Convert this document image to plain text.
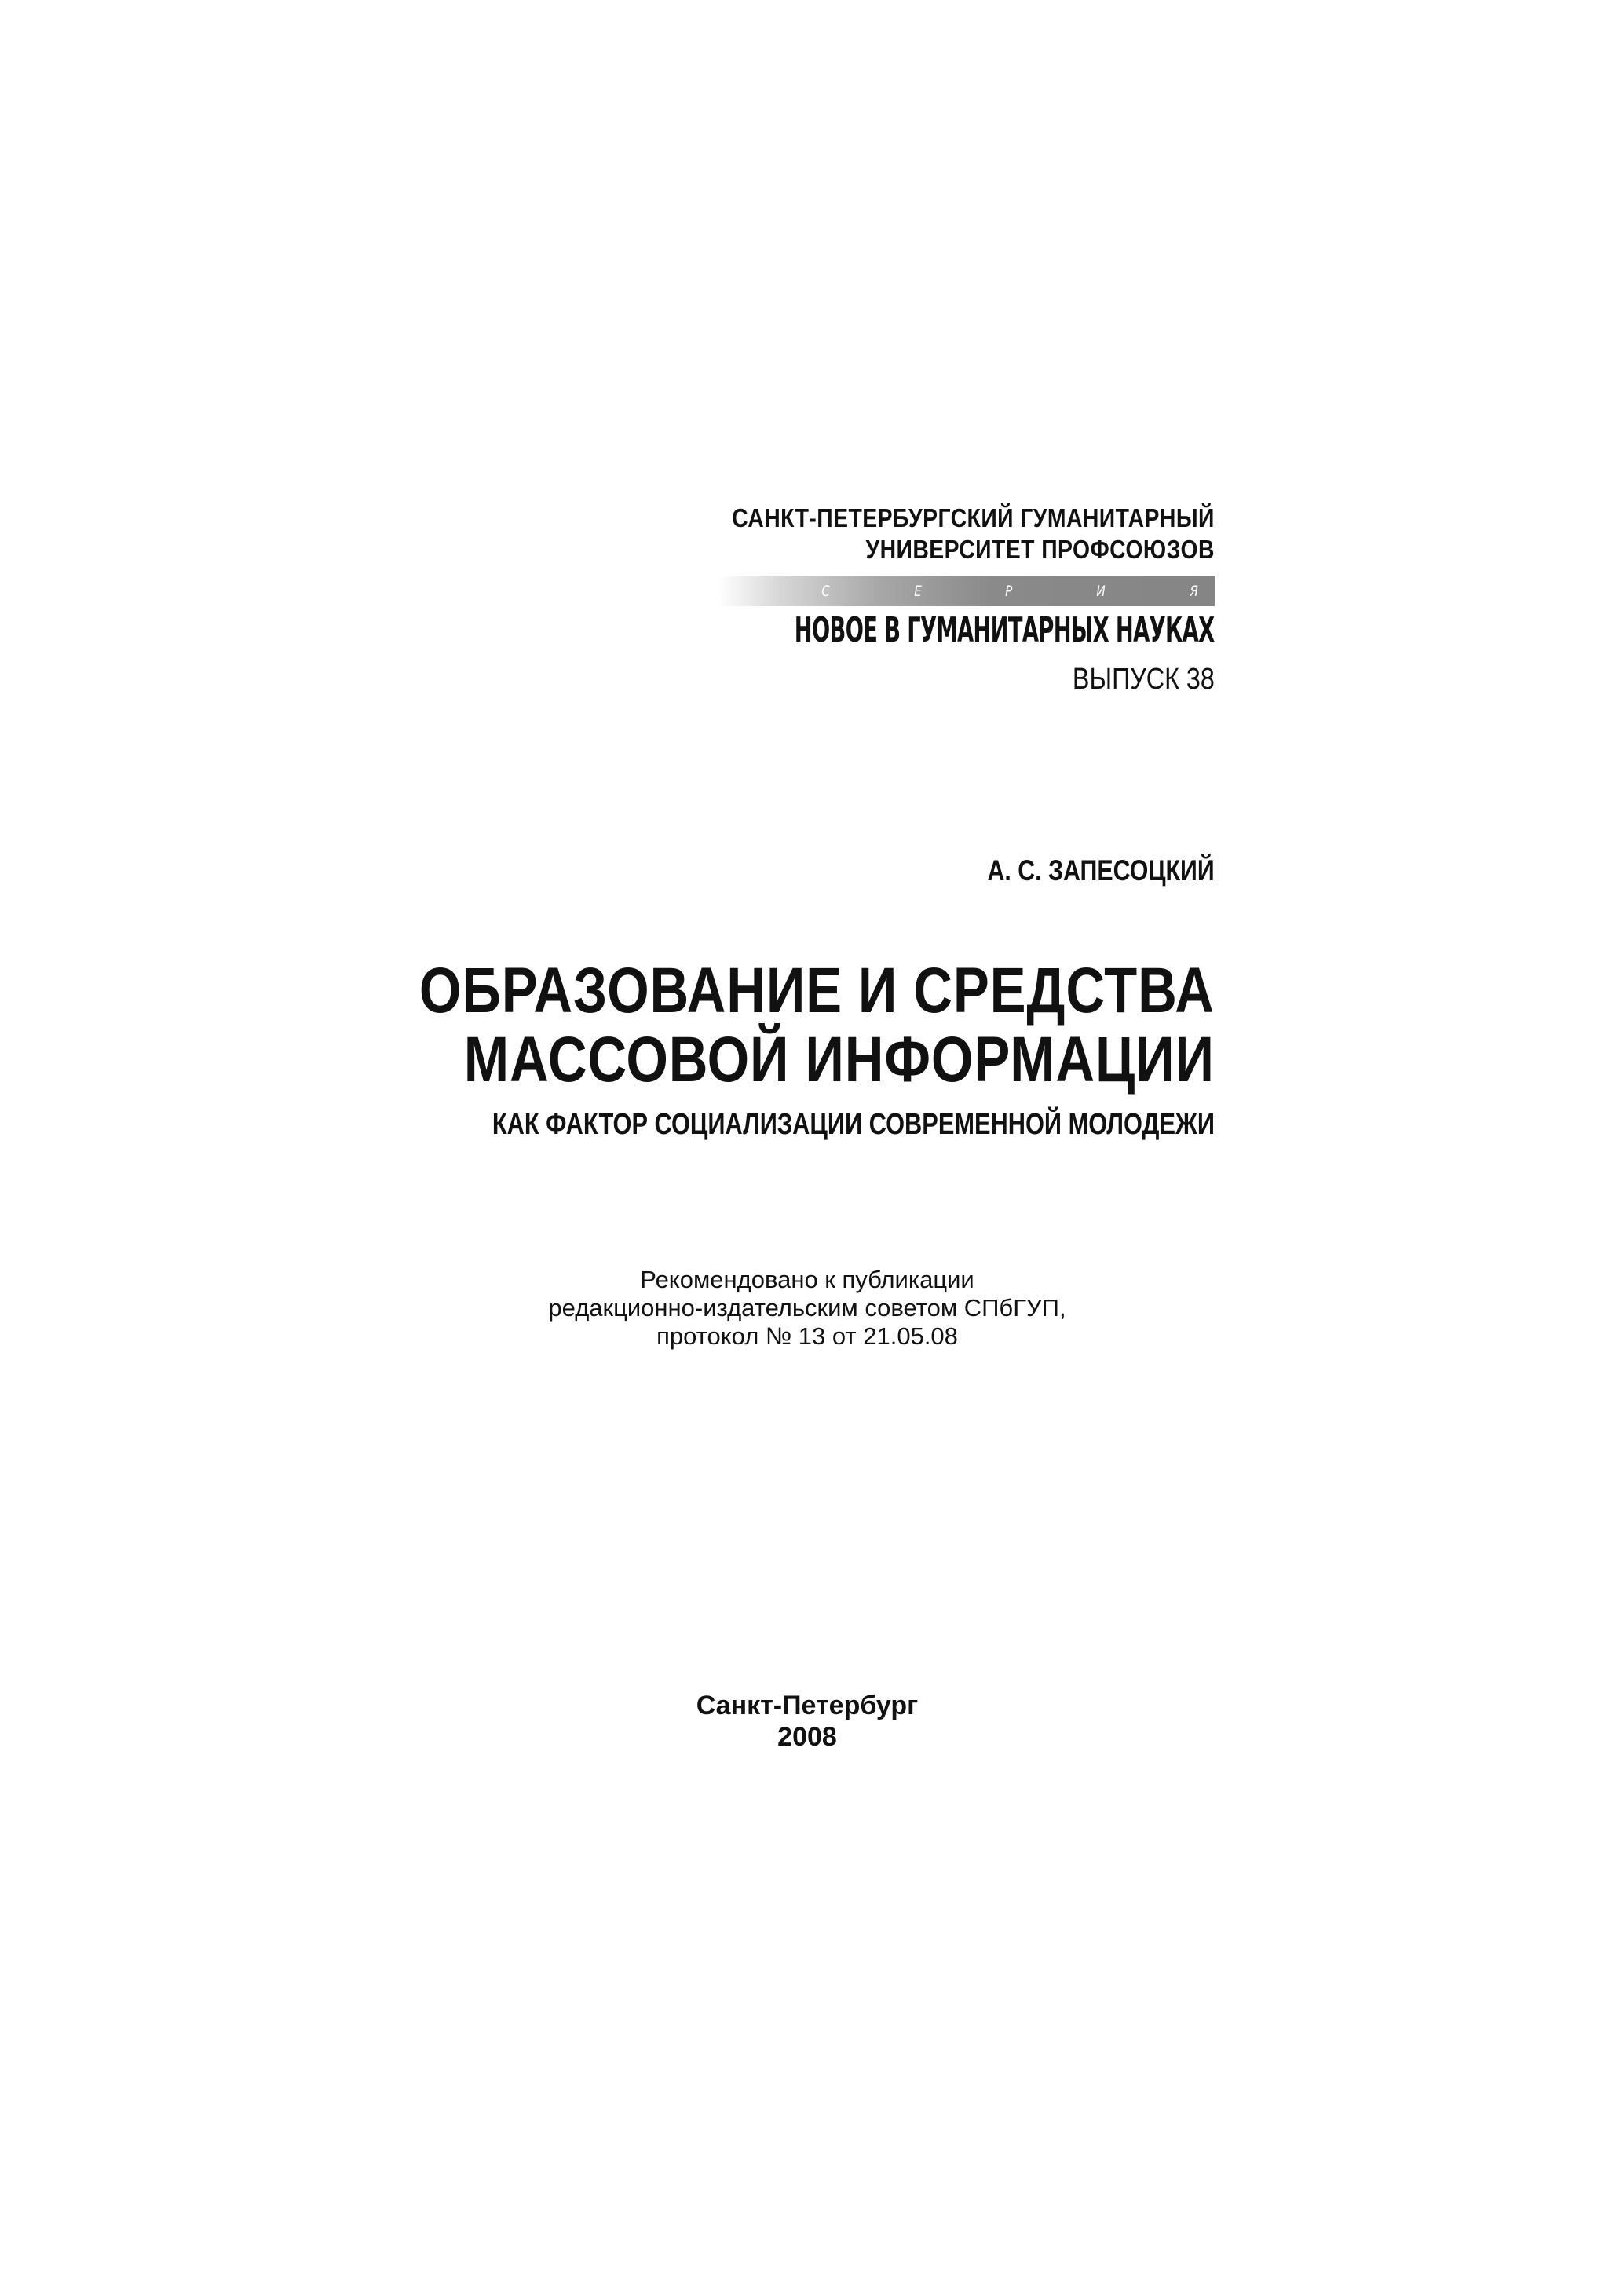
САНКТ-ПЕТЕРБУРГСКИЙ ГУМАНИТАРНЫЙ
УНИВЕРСИТЕТ ПРОФСОЮЗОВ
С	Е	Р	И	Я
НОВОЕ В ГУМАНИТАРНЫХ НАУКАХ
ВЫПУСК 38
А. С. ЗАПЕСОЦКИЙ
ОБРАЗОВАНИЕ И СРЕДСТВА
МАССОВОЙ ИНФОРМАЦИИ
КАК ФАКТОР СОЦИАЛИЗАЦИИ СОВРЕМЕННОЙ МОЛОДЕЖИ
Рекомендовано к публикации
редакционно-издательским советом СПбГУП,
протокол № 13 от 21.05.08
Санкт-Петербург
2008
